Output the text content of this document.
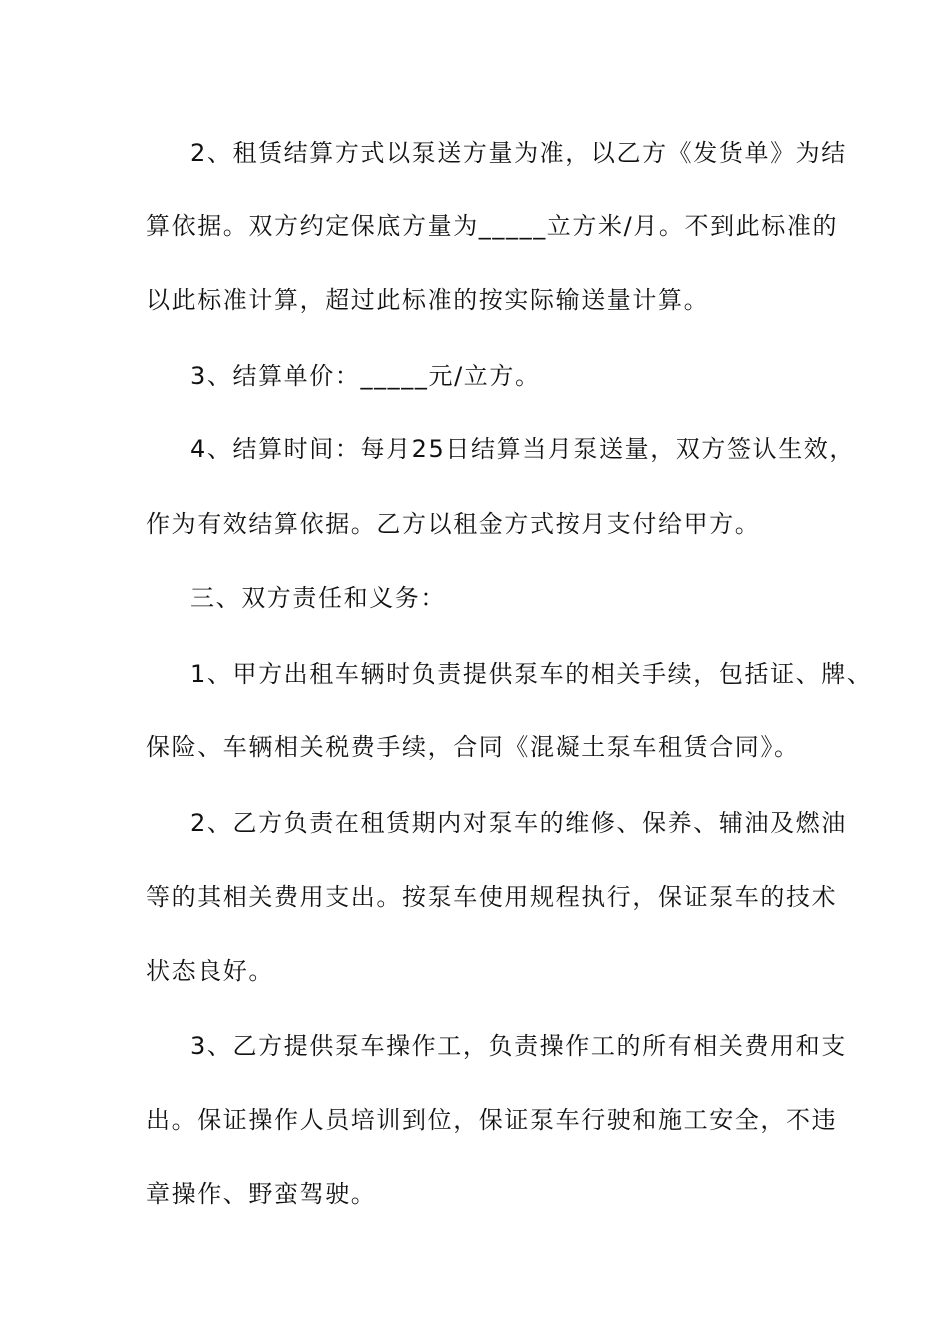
2、租赁结算方式以泵送方量为准，以乙方《发货单》为结
算依据。双方约定保底方量为_____立方米/月。不到此标准的
以此标准计算，超过此标准的按实际输送量计算。
3、结算单价：_____元/立方。
4、结算时间：每月25日结算当月泵送量，双方签认生效，
作为有效结算依据。乙方以租金方式按月支付给甲方。
三、双方责任和义务：
1、甲方出租车辆时负责提供泵车的相关手续，包括证、牌、
保险、车辆相关税费手续，合同《混凝土泵车租赁合同》。
2、乙方负责在租赁期内对泵车的维修、保养、辅油及燃油
等的其相关费用支出。按泵车使用规程执行，保证泵车的技术
状态良好。
3、乙方提供泵车操作工，负责操作工的所有相关费用和支
出。保证操作人员培训到位，保证泵车行驶和施工安全，不违
章操作、野蛮驾驶。
